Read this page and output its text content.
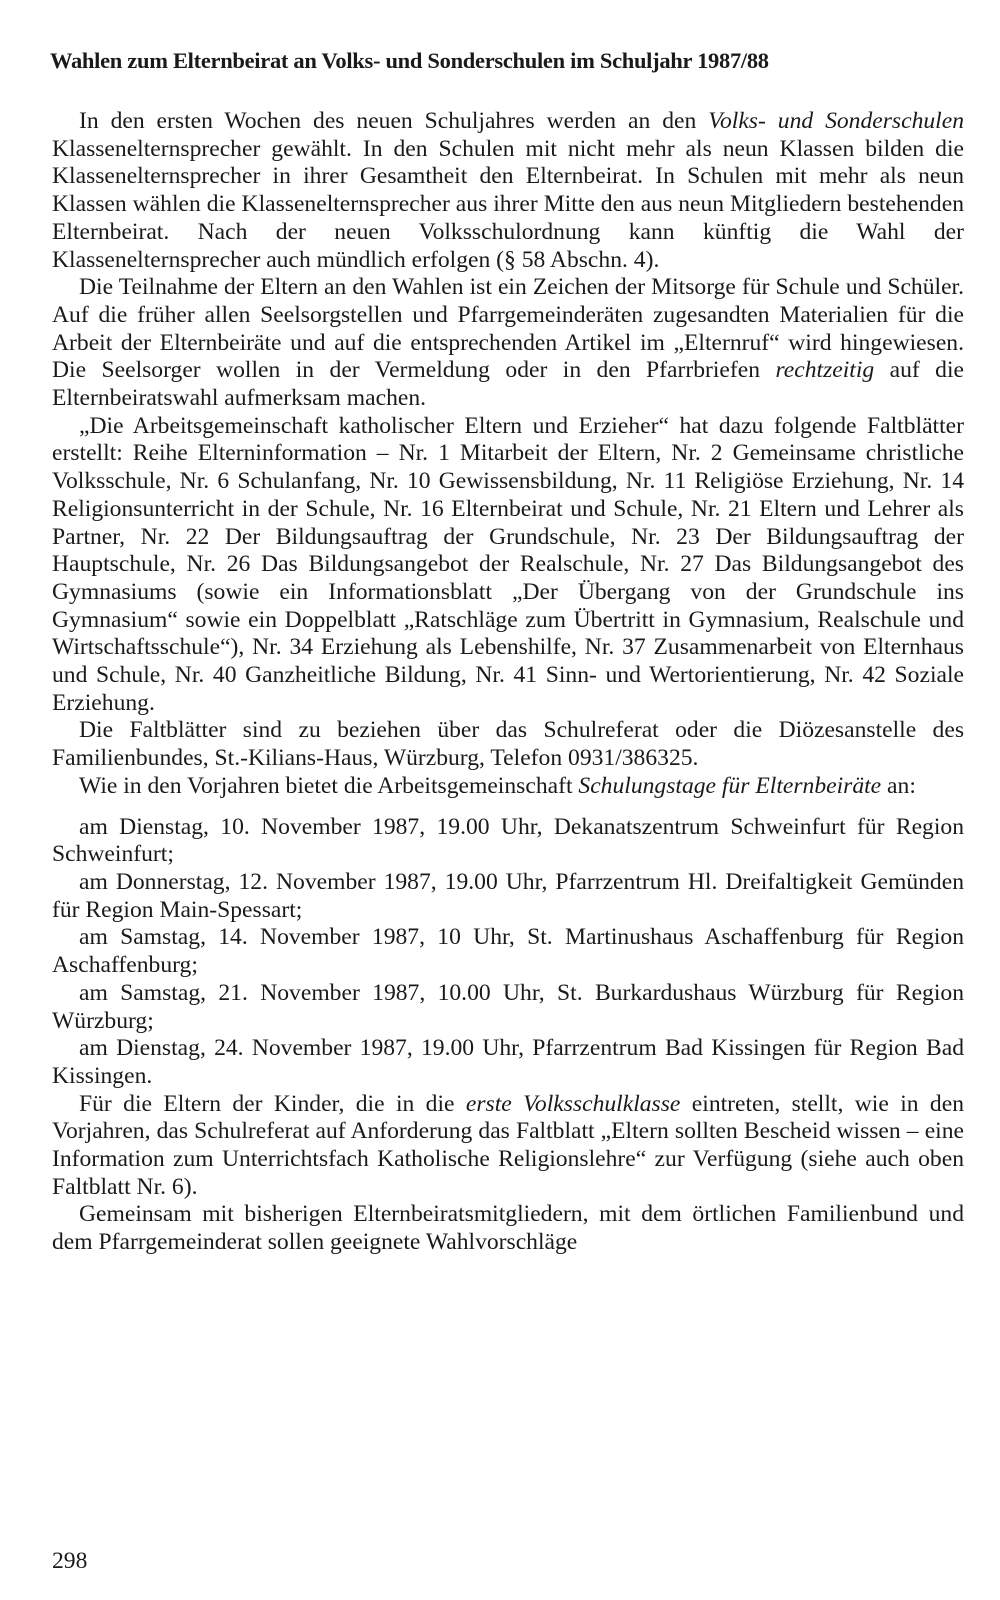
Wahlen zum Elternbeirat an Volks- und Sonderschulen im Schuljahr 1987/88

In den ersten Wochen des neuen Schuljahres werden an den Volks- und Sonderschulen Klassenelternsprecher gewählt. In den Schulen mit nicht mehr als neun Klassen bilden die Klassenelternsprecher in ihrer Gesamtheit den Elternbeirat. In Schulen mit mehr als neun Klassen wählen die Klassenelternsprecher aus ihrer Mitte den aus neun Mitgliedern bestehenden Elternbeirat. Nach der neuen Volksschulordnung kann künftig die Wahl der Klassenelternsprecher auch mündlich erfolgen (§ 58 Abschn. 4).

Die Teilnahme der Eltern an den Wahlen ist ein Zeichen der Mitsorge für Schule und Schüler. Auf die früher allen Seelsorgstellen und Pfarrgemeinderäten zugesandten Materialien für die Arbeit der Elternbeiräte und auf die entsprechenden Artikel im „Elternruf“ wird hingewiesen. Die Seelsorger wollen in der Vermeldung oder in den Pfarrbriefen rechtzeitig auf die Elternbeiratswahl aufmerksam machen.

„Die Arbeitsgemeinschaft katholischer Eltern und Erzieher“ hat dazu folgende Faltblätter erstellt: Reihe Elterninformation – Nr. 1 Mitarbeit der Eltern, Nr. 2 Gemeinsame christliche Volksschule, Nr. 6 Schulanfang, Nr. 10 Gewissensbildung, Nr. 11 Religiöse Erziehung, Nr. 14 Religionsunterricht in der Schule, Nr. 16 Elternbeirat und Schule, Nr. 21 Eltern und Lehrer als Partner, Nr. 22 Der Bildungsauftrag der Grundschule, Nr. 23 Der Bildungsauftrag der Hauptschule, Nr. 26 Das Bildungsangebot der Realschule, Nr. 27 Das Bildungsangebot des Gymnasiums (sowie ein Informationsblatt „Der Übergang von der Grundschule ins Gymnasium“ sowie ein Doppelblatt „Ratschläge zum Übertritt in Gymnasium, Realschule und Wirtschaftsschule“), Nr. 34 Erziehung als Lebenshilfe, Nr. 37 Zusammenarbeit von Elternhaus und Schule, Nr. 40 Ganzheitliche Bildung, Nr. 41 Sinn- und Wertorientierung, Nr. 42 Soziale Erziehung.

Die Faltblätter sind zu beziehen über das Schulreferat oder die Diözesanstelle des Familienbundes, St.-Kilians-Haus, Würzburg, Telefon 0931/386325.

Wie in den Vorjahren bietet die Arbeitsgemeinschaft Schulungstage für Elternbeiräte an:

am Dienstag, 10. November 1987, 19.00 Uhr, Dekanatszentrum Schweinfurt für Region Schweinfurt;

am Donnerstag, 12. November 1987, 19.00 Uhr, Pfarrzentrum Hl. Dreifaltigkeit Gemünden für Region Main-Spessart;

am Samstag, 14. November 1987, 10 Uhr, St. Martinushaus Aschaffenburg für Region Aschaffenburg;

am Samstag, 21. November 1987, 10.00 Uhr, St. Burkardushaus Würzburg für Region Würzburg;

am Dienstag, 24. November 1987, 19.00 Uhr, Pfarrzentrum Bad Kissingen für Region Bad Kissingen.

Für die Eltern der Kinder, die in die erste Volksschulklasse eintreten, stellt, wie in den Vorjahren, das Schulreferat auf Anforderung das Faltblatt „Eltern sollten Bescheid wissen – eine Information zum Unterrichtsfach Katholische Religionslehre“ zur Verfügung (siehe auch oben Faltblatt Nr. 6).

Gemeinsam mit bisherigen Elternbeiratsmitgliedern, mit dem örtlichen Familienbund und dem Pfarrgemeinderat sollen geeignete Wahlvorschläge

298
